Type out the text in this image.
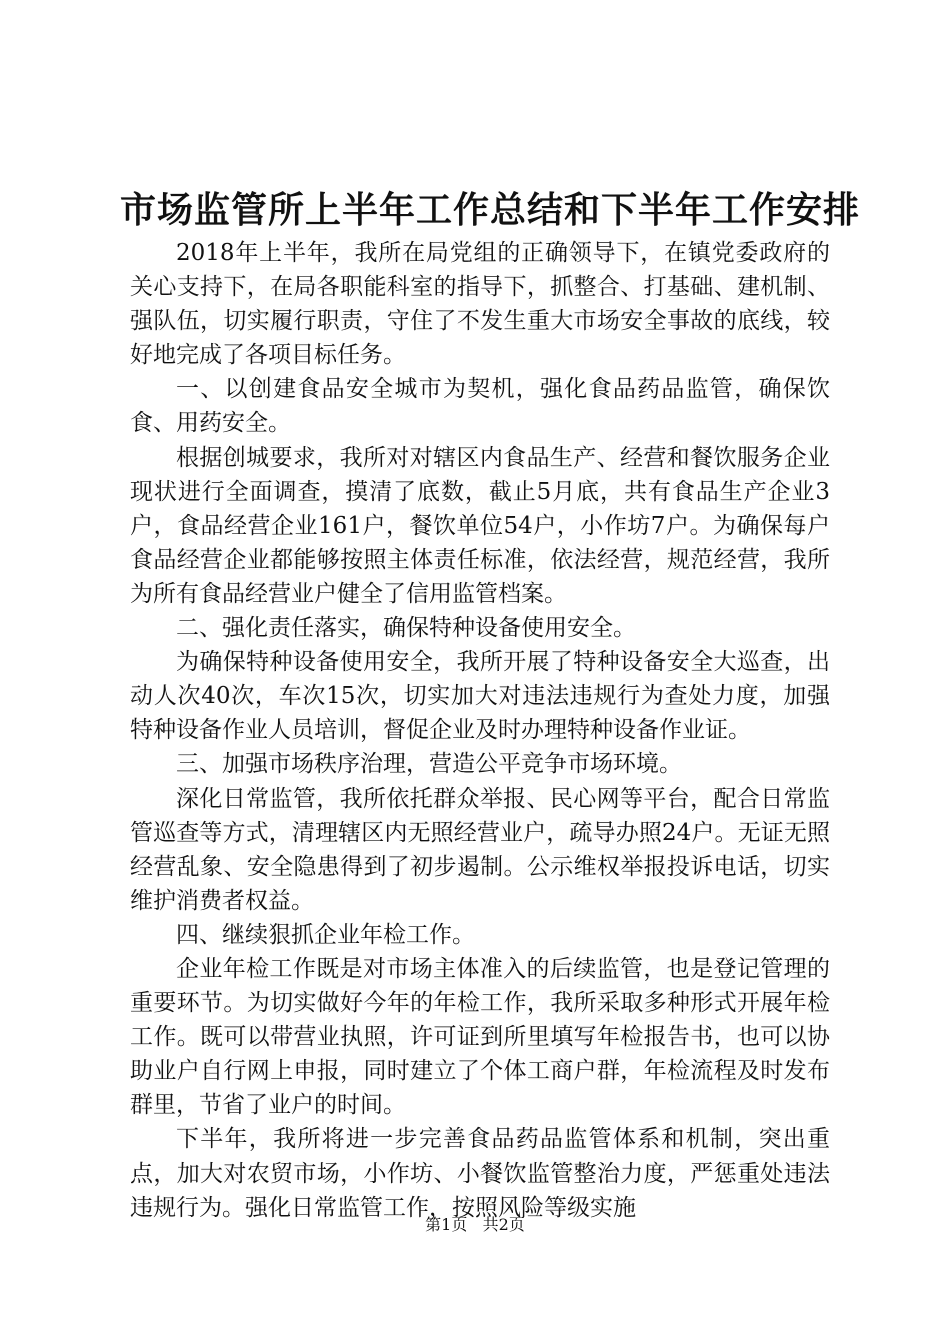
市场监管所上半年工作总结和下半年工作安排

2018年上半年，我所在局党组的正确领导下，在镇党委政府的关心支持下，在局各职能科室的指导下，抓整合、打基础、建机制、强队伍，切实履行职责，守住了不发生重大市场安全事故的底线，较好地完成了各项目标任务。

一、以创建食品安全城市为契机，强化食品药品监管，确保饮食、用药安全。

根据创城要求，我所对对辖区内食品生产、经营和餐饮服务企业现状进行全面调查，摸清了底数，截止5月底，共有食品生产企业3户，食品经营企业161户，餐饮单位54户，小作坊7户。为确保每户食品经营企业都能够按照主体责任标准，依法经营，规范经营，我所为所有食品经营业户健全了信用监管档案。

二、强化责任落实，确保特种设备使用安全。

为确保特种设备使用安全，我所开展了特种设备安全大巡查，出动人次40次，车次15次，切实加大对违法违规行为查处力度，加强特种设备作业人员培训，督促企业及时办理特种设备作业证。

三、加强市场秩序治理，营造公平竞争市场环境。

深化日常监管，我所依托群众举报、民心网等平台，配合日常监管巡查等方式，清理辖区内无照经营业户，疏导办照24户。无证无照经营乱象、安全隐患得到了初步遏制。公示维权举报投诉电话，切实维护消费者权益。

四、继续狠抓企业年检工作。

企业年检工作既是对市场主体准入的后续监管，也是登记管理的重要环节。为切实做好今年的年检工作，我所采取多种形式开展年检工作。既可以带营业执照，许可证到所里填写年检报告书，也可以协助业户自行网上申报，同时建立了个体工商户群，年检流程及时发布群里，节省了业户的时间。

下半年，我所将进一步完善食品药品监管体系和机制，突出重点，加大对农贸市场，小作坊、小餐饮监管整治力度，严惩重处违法违规行为。强化日常监管工作，按照风险等级实施

第1页 共2页
